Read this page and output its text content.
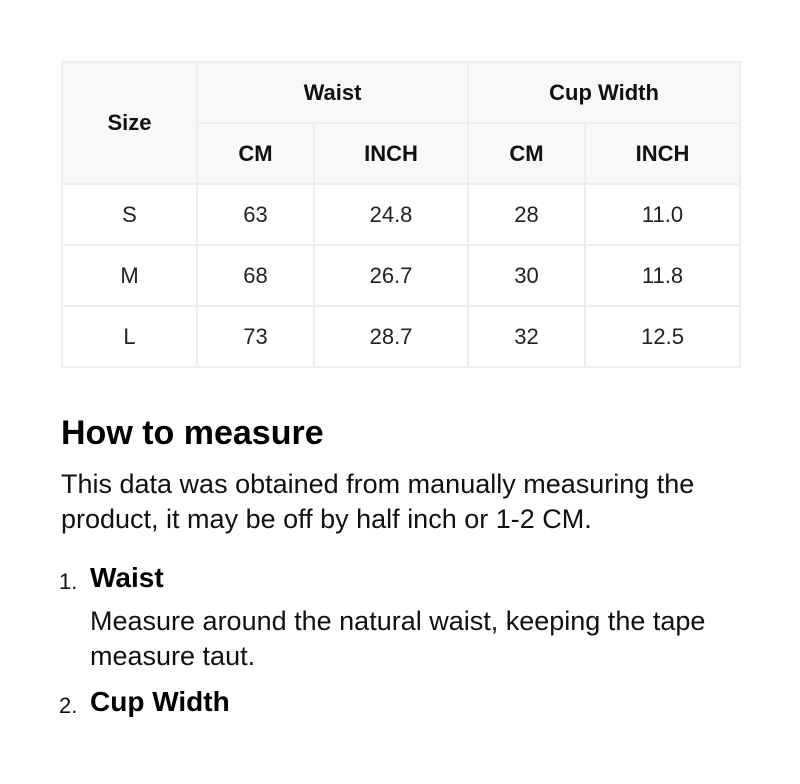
Size	Waist		Cup Width	
	CM	INCH	CM	INCH
S	63	24.8	28	11.0
M	68	26.7	30	11.8
L	73	28.7	32	12.5
How to measure

This data was obtained from manually measuring the product, it may be off by half inch or 1-2 CM.

1. Waist

Measure around the natural waist, keeping the tape measure taut.

2. Cup Width
